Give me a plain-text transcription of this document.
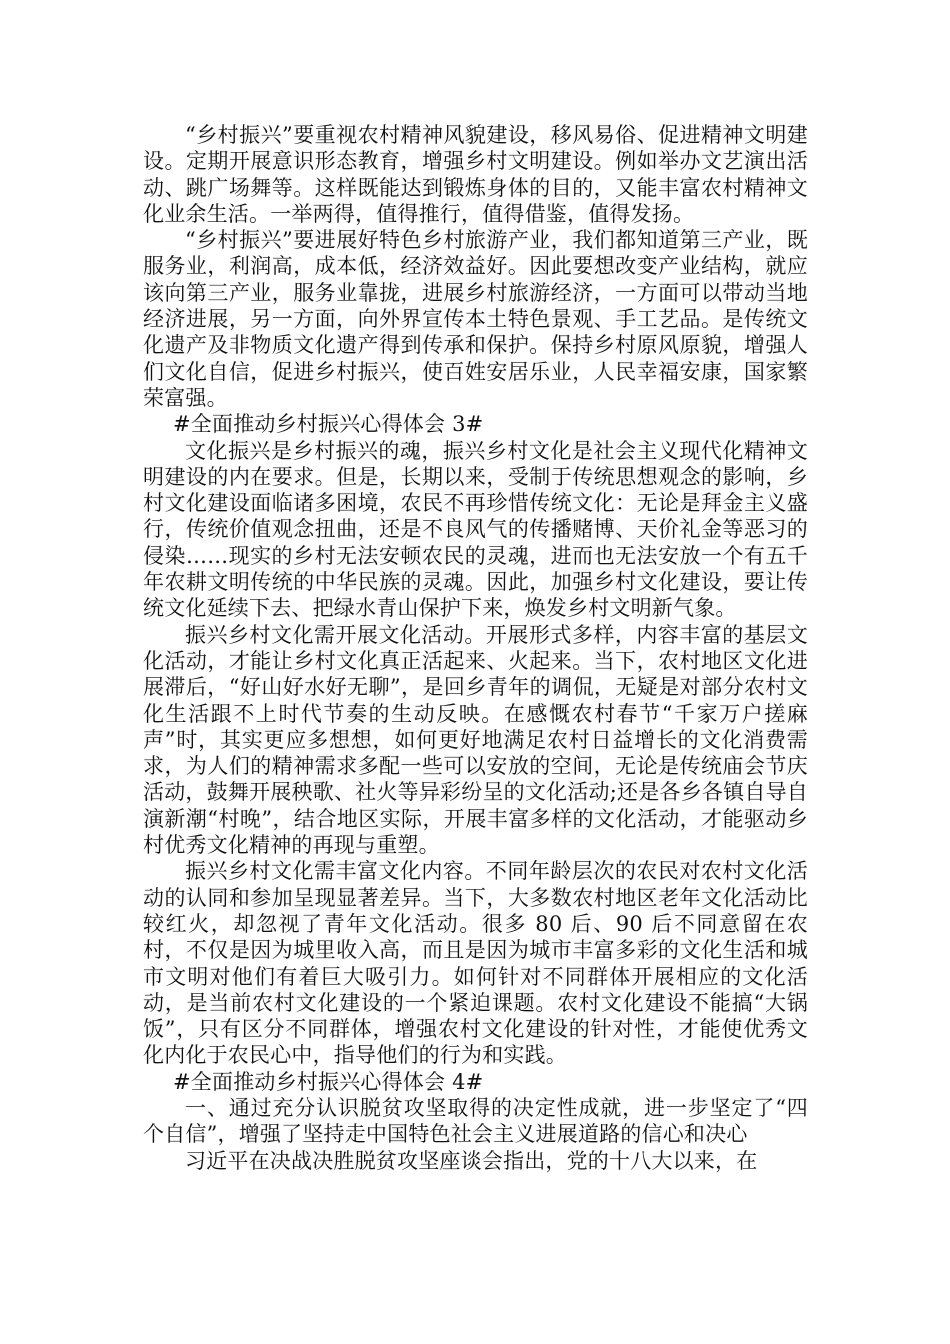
“乡村振兴”要重视农村精神风貌建设，移风易俗、促进精神文明建设。定期开展意识形态教育，增强乡村文明建设。例如举办文艺演出活动、跳广场舞等。这样既能达到锻炼身体的目的，又能丰富农村精神文化业余生活。一举两得，值得推行，值得借鉴，值得发扬。

“乡村振兴”要进展好特色乡村旅游产业，我们都知道第三产业，既服务业，利润高，成本低，经济效益好。因此要想改变产业结构，就应该向第三产业，服务业靠拢，进展乡村旅游经济，一方面可以带动当地经济进展，另一方面，向外界宣传本土特色景观、手工艺品。是传统文化遗产及非物质文化遗产得到传承和保护。保持乡村原风原貌，增强人们文化自信，促进乡村振兴，使百姓安居乐业，人民幸福安康，国家繁荣富强。

#全面推动乡村振兴心得体会 3#

文化振兴是乡村振兴的魂，振兴乡村文化是社会主义现代化精神文明建设的内在要求。但是，长期以来，受制于传统思想观念的影响，乡村文化建设面临诸多困境，农民不再珍惜传统文化：无论是拜金主义盛行，传统价值观念扭曲，还是不良风气的传播赌博、天价礼金等恶习的侵染……现实的乡村无法安顿农民的灵魂，进而也无法安放一个有五千年农耕文明传统的中华民族的灵魂。因此，加强乡村文化建设，要让传统文化延续下去、把绿水青山保护下来，焕发乡村文明新气象。

振兴乡村文化需开展文化活动。开展形式多样，内容丰富的基层文化活动，才能让乡村文化真正活起来、火起来。当下，农村地区文化进展滞后，“好山好水好无聊”，是回乡青年的调侃，无疑是对部分农村文化生活跟不上时代节奏的生动反映。在感慨农村春节“千家万户搓麻声”时，其实更应多想想，如何更好地满足农村日益增长的文化消费需求，为人们的精神需求多配一些可以安放的空间，无论是传统庙会节庆活动，鼓舞开展秧歌、社火等异彩纷呈的文化活动;还是各乡各镇自导自演新潮“村晚”，结合地区实际，开展丰富多样的文化活动，才能驱动乡村优秀文化精神的再现与重塑。

振兴乡村文化需丰富文化内容。不同年龄层次的农民对农村文化活动的认同和参加呈现显著差异。当下，大多数农村地区老年文化活动比较红火，却忽视了青年文化活动。很多 80 后、90 后不同意留在农村，不仅是因为城里收入高，而且是因为城市丰富多彩的文化生活和城市文明对他们有着巨大吸引力。如何针对不同群体开展相应的文化活动，是当前农村文化建设的一个紧迫课题。农村文化建设不能搞“大锅饭”，只有区分不同群体，增强农村文化建设的针对性，才能使优秀文化内化于农民心中，指导他们的行为和实践。

#全面推动乡村振兴心得体会 4#

一、通过充分认识脱贫攻坚取得的决定性成就，进一步坚定了“四个自信”，增强了坚持走中国特色社会主义进展道路的信心和决心

习近平在决战决胜脱贫攻坚座谈会指出，党的十八大以来，在
